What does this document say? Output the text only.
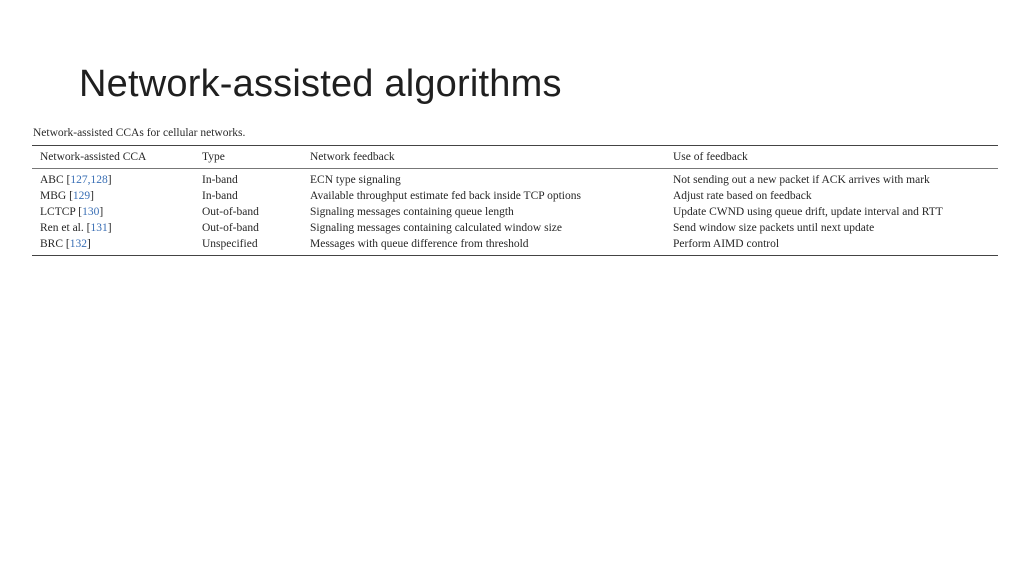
Network-assisted algorithms

Network-assisted CCAs for cellular networks.

Network-assisted CCA	Type	Network feedback	Use of feedback
ABC [127,128]	In-band	ECN type signaling	Not sending out a new packet if ACK arrives with mark
MBG [129]	In-band	Available throughput estimate fed back inside TCP options	Adjust rate based on feedback
LCTCP [130]	Out-of-band	Signaling messages containing queue length	Update CWND using queue drift, update interval and RTT
Ren et al. [131]	Out-of-band	Signaling messages containing calculated window size	Send window size packets until next update
BRC [132]	Unspecified	Messages with queue difference from threshold	Perform AIMD control
